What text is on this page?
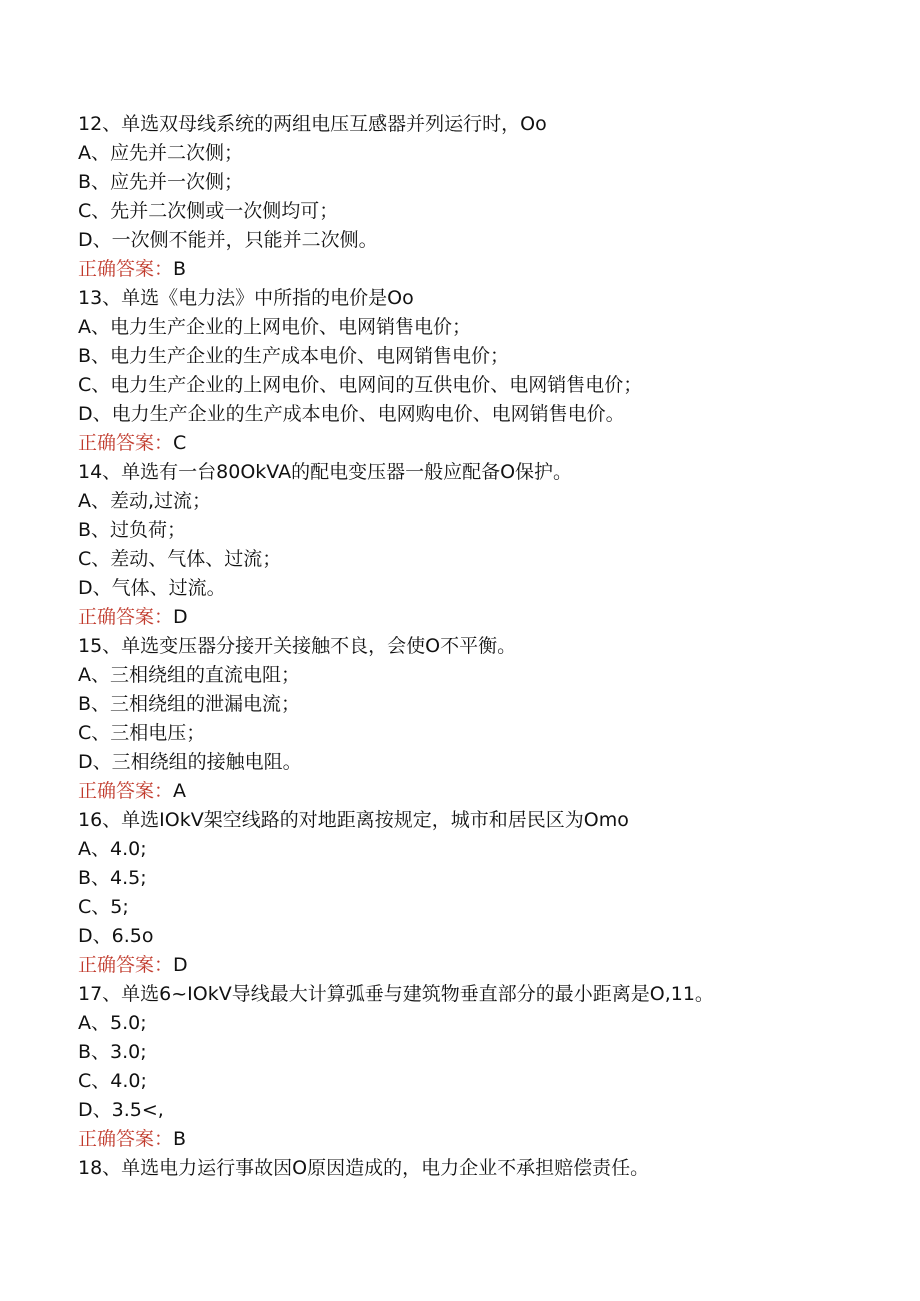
12、单选双母线系统的两组电压互感器并列运行时，Oo
A、应先并二次侧；
B、应先并一次侧；
C、先并二次侧或一次侧均可；
D、一次侧不能并，只能并二次侧。
正确答案：B
13、单选《电力法》中所指的电价是Oo
A、电力生产企业的上网电价、电网销售电价；
B、电力生产企业的生产成本电价、电网销售电价；
C、电力生产企业的上网电价、电网间的互供电价、电网销售电价；
D、电力生产企业的生产成本电价、电网购电价、电网销售电价。
正确答案：C
14、单选有一台80OkVA的配电变压器一般应配备O保护。
A、差动,过流；
B、过负荷；
C、差动、气体、过流；
D、气体、过流。
正确答案：D
15、单选变压器分接开关接触不良，会使O不平衡。
A、三相绕组的直流电阻；
B、三相绕组的泄漏电流；
C、三相电压；
D、三相绕组的接触电阻。
正确答案：A
16、单选IOkV架空线路的对地距离按规定，城市和居民区为Omo
A、4.0;
B、4.5;
C、5;
D、6.5o
正确答案：D
17、单选6~IOkV导线最大计算弧垂与建筑物垂直部分的最小距离是O,11。
A、5.0;
B、3.0;
C、4.0;
D、3.5<,
正确答案：B
18、单选电力运行事故因O原因造成的，电力企业不承担赔偿责任。
